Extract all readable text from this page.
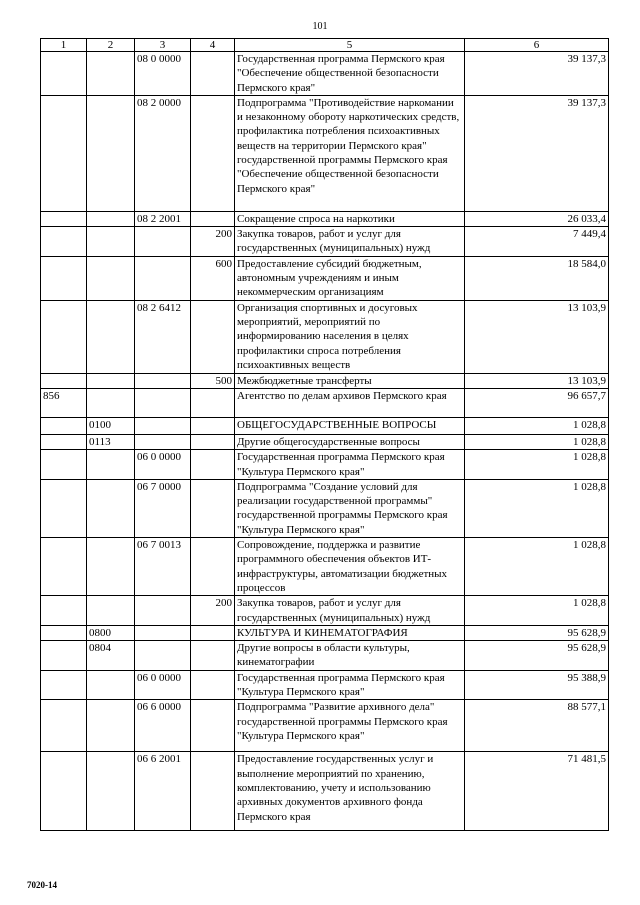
101
1	2	3	4	5	6
		08 0 0000		Государственная программа Пермского края "Обеспечение общественной безопасности Пермского края"	39 137,3
		08 2 0000		Подпрограмма "Противодействие наркомании и незаконному обороту наркотических средств, профилактика потребления психоактивных веществ на территории Пермского края" государственной программы Пермского края "Обеспечение общественной безопасности Пермского края"	39 137,3
		08 2 2001		Сокращение спроса на наркотики	26 033,4
			200	Закупка товаров, работ и услуг для государственных (муниципальных) нужд	7 449,4
			600	Предоставление субсидий бюджетным, автономным учреждениям и иным некоммерческим организациям	18 584,0
		08 2 6412		Организация спортивных и досуговых мероприятий, мероприятий по информированию населения в целях профилактики спроса потребления психоактивных веществ	13 103,9
			500	Межбюджетные трансферты	13 103,9
856				Агентство по делам архивов Пермского края	96 657,7
	0100			ОБЩЕГОСУДАРСТВЕННЫЕ ВОПРОСЫ	1 028,8
	0113			Другие общегосударственные вопросы	1 028,8
		06 0 0000		Государственная программа Пермского края "Культура Пермского края"	1 028,8
		06 7 0000		Подпрограмма "Создание условий для реализации государственной программы" государственной программы Пермского края "Культура Пермского края"	1 028,8
		06 7 0013		Сопровождение, поддержка и развитие программного обеспечения объектов ИТ-инфраструктуры, автоматизации бюджетных процессов	1 028,8
			200	Закупка товаров, работ и услуг для государственных (муниципальных) нужд	1 028,8
	0800			КУЛЬТУРА И КИНЕМАТОГРАФИЯ	95 628,9
	0804			Другие вопросы в области культуры, кинематографии	95 628,9
		06 0 0000		Государственная программа Пермского края "Культура Пермского края"	95 388,9
		06 6 0000		Подпрограмма "Развитие архивного дела" государственной программы Пермского края "Культура Пермского края"	88 577,1
		06 6 2001		Предоставление государственных услуг и выполнение мероприятий по хранению, комплектованию, учету и использованию архивных документов архивного фонда Пермского края	71 481,5
7020-14
